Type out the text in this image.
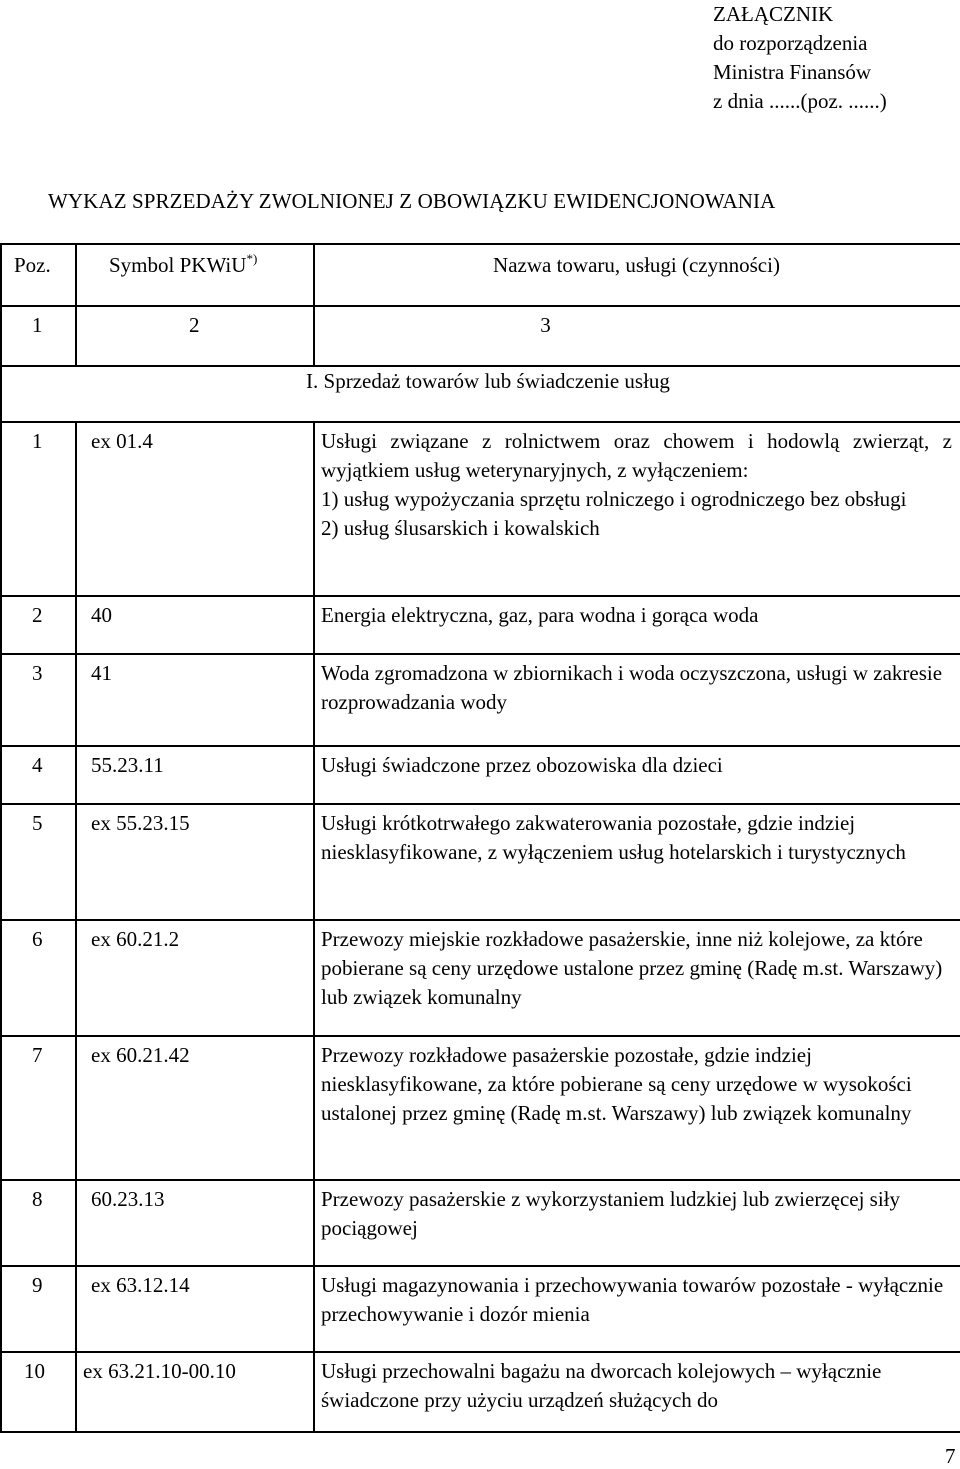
ZAŁĄCZNIK
do rozporządzenia
Ministra Finansów
z dnia ......(poz. ......)
WYKAZ SPRZEDAŻY ZWOLNIONEJ Z OBOWIĄZKU EWIDENCJONOWANIA
Poz.	Symbol PKWiU*)	Nazwa towaru, usługi (czynności)
1	2	3
I. Sprzedaż towarów lub świadczenie usług		
1	ex 01.4	Usługi związane z rolnictwem oraz chowem i hodowlą zwierząt, z wyjątkiem usług weterynaryjnych, z wyłączeniem:
1) usług wypożyczania sprzętu rolniczego i ogrodniczego bez obsługi
2) usług ślusarskich i kowalskich

2	40	Energia elektryczna, gaz, para wodna i gorąca woda
3	41	Woda zgromadzona w zbiornikach i woda oczyszczona, usługi w zakresie rozprowadzania wody
4	55.23.11	Usługi świadczone przez obozowiska dla dzieci
5	ex 55.23.15	Usługi krótkotrwałego zakwaterowania pozostałe, gdzie indziej niesklasyfikowane, z wyłączeniem usług hotelarskich i turystycznych
6	ex 60.21.2	Przewozy miejskie rozkładowe pasażerskie, inne niż kolejowe, za które pobierane są ceny urzędowe ustalone przez gminę (Radę m.st. Warszawy) lub związek komunalny
7	ex 60.21.42	Przewozy rozkładowe pasażerskie pozostałe, gdzie indziej niesklasyfikowane, za które pobierane są ceny urzędowe w wysokości ustalonej przez gminę (Radę m.st. Warszawy) lub związek komunalny
8	60.23.13	Przewozy pasażerskie z wykorzystaniem ludzkiej lub zwierzęcej siły pociągowej
9	ex 63.12.14	Usługi magazynowania i przechowywania towarów pozostałe - wyłącznie przechowywanie i dozór mienia
10	ex 63.21.10-00.10	Usługi przechowalni bagażu na dworcach kolejowych – wyłącznie świadczone przy użyciu urządzeń służących do
7
